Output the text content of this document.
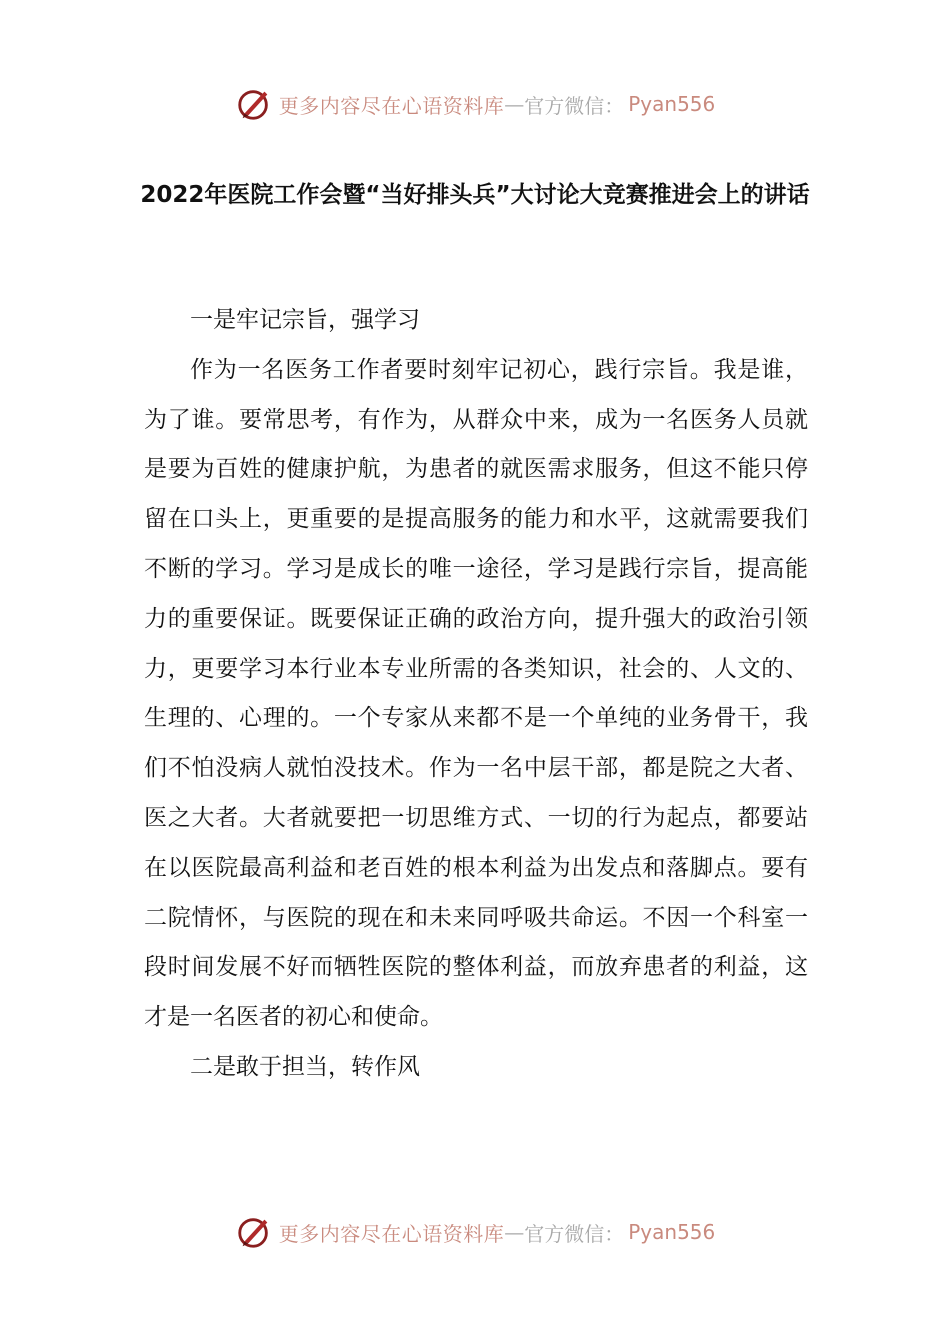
更多内容尽在心语资料库 — 官方微信： Pyan556
2022年医院工作会暨“当好排头兵”大讨论大竞赛推进会上的讲话

一是牢记宗旨，强学习

作为一名医务工作者要时刻牢记初心，践行宗旨。我是谁，为了谁。要常思考，有作为，从群众中来，成为一名医务人员就是要为百姓的健康护航，为患者的就医需求服务，但这不能只停留在口头上，更重要的是提高服务的能力和水平，这就需要我们不断的学习。学习是成长的唯一途径，学习是践行宗旨，提高能力的重要保证。既要保证正确的政治方向，提升强大的政治引领力，更要学习本行业本专业所需的各类知识，社会的、人文的、生理的、心理的。一个专家从来都不是一个单纯的业务骨干，我们不怕没病人就怕没技术。作为一名中层干部，都是院之大者、医之大者。大者就要把一切思维方式、一切的行为起点，都要站在以医院最高利益和老百姓的根本利益为出发点和落脚点。要有二院情怀，与医院的现在和未来同呼吸共命运。不因一个科室一段时间发展不好而牺牲医院的整体利益，而放弃患者的利益，这才是一名医者的初心和使命。

二是敢于担当，转作风

更多内容尽在心语资料库 — 官方微信： Pyan556
